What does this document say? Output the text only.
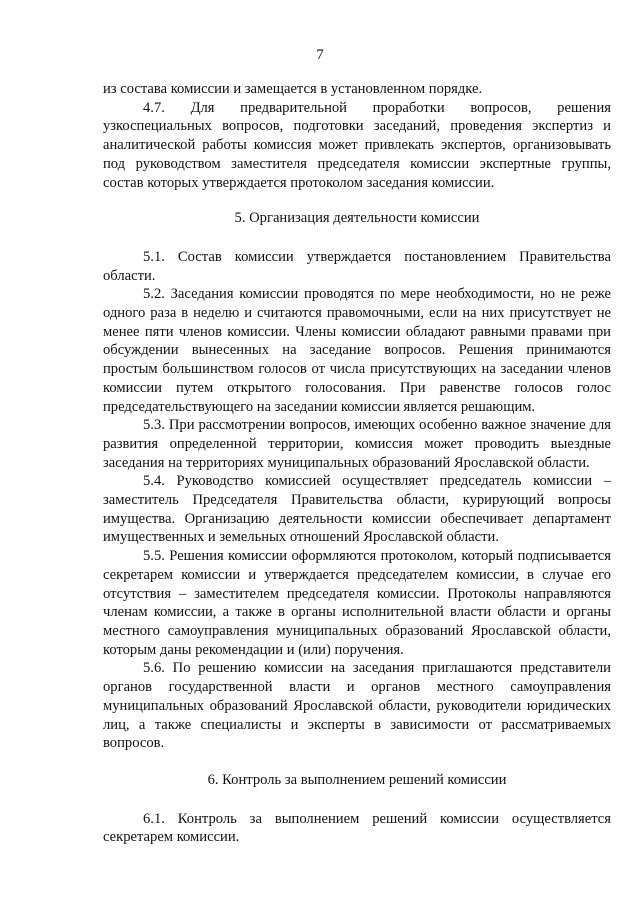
7

из состава комиссии и замещается в установленном порядке.

4.7. Для предварительной проработки вопросов, решения узкоспециальных вопросов, подготовки заседаний, проведения экспертиз и аналитической работы комиссия может привлекать экспертов, организовывать под руководством заместителя председателя комиссии экспертные группы, состав которых утверждается протоколом заседания комиссии.

5. Организация деятельности комиссии

5.1. Состав комиссии утверждается постановлением Правительства области.

5.2. Заседания комиссии проводятся по мере необходимости, но не реже одного раза в неделю и считаются правомочными, если на них присутствует не менее пяти членов комиссии. Члены комиссии обладают равными правами при обсуждении вынесенных на заседание вопросов. Решения принимаются простым большинством голосов от числа присутствующих на заседании членов комиссии путем открытого голосования. При равенстве голосов голос председательствующего на заседании комиссии является решающим.

5.3. При рассмотрении вопросов, имеющих особенно важное значение для развития определенной территории, комиссия может проводить выездные заседания на территориях муниципальных образований Ярославской области.

5.4. Руководство комиссией осуществляет председатель комиссии – заместитель Председателя Правительства области, курирующий вопросы имущества. Организацию деятельности комиссии обеспечивает департамент имущественных и земельных отношений Ярославской области.

5.5. Решения комиссии оформляются протоколом, который подписывается секретарем комиссии и утверждается председателем комиссии, в случае его отсутствия – заместителем председателя комиссии. Протоколы направляются членам комиссии, а также в органы исполнительной власти области и органы местного самоуправления муниципальных образований Ярославской области, которым даны рекомендации и (или) поручения.

5.6. По решению комиссии на заседания приглашаются представители органов государственной власти и органов местного самоуправления муниципальных образований Ярославской области, руководители юридических лиц, а также специалисты и эксперты в зависимости от рассматриваемых вопросов.

6. Контроль за выполнением решений комиссии

6.1. Контроль за выполнением решений комиссии осуществляется секретарем комиссии.
